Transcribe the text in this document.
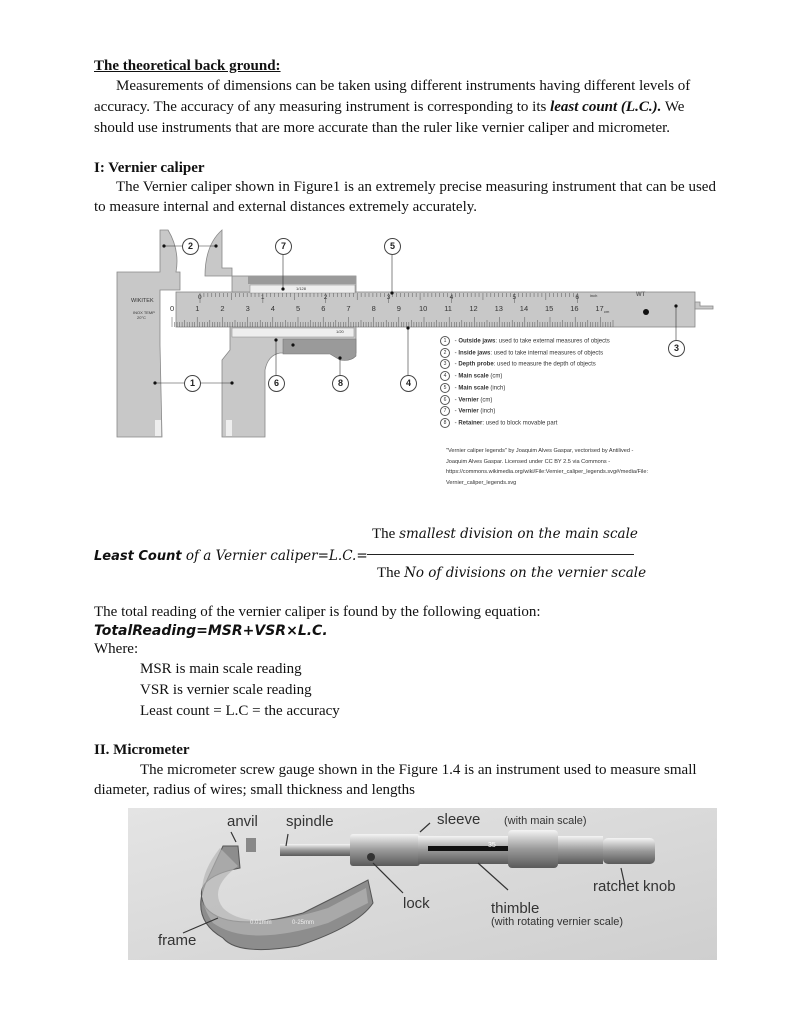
The theoretical back ground:
Measurements of dimensions can be taken using different instruments having different levels of
accuracy. The accuracy of any measuring instrument is corresponding to its least count (L.C.). We
should use instruments that are more accurate than the ruler like vernier caliper and micrometer.
I: Vernier caliper
The Vernier caliper shown in Figure1 is an extremely precise measuring instrument that can be used
to measure internal and external distances extremely accurately.
0	1	2	3	4	5	6
0	1	2	3	4	5	6	7	8	9 10 11 12 13 14 15 16 17
WIKITEK
INOX TEMP
20°C
WT
inch
cm
1/128
1/20
2	7	5
1	6	8	4
3
1 - Outside jaws: used to take external measures of objects
2 - Inside jaws: used to take internal measures of objects
3 - Depth probe: used to measure the depth of objects
4 - Main scale (cm)
5 - Main scale (inch)
6 - Vernier (cm)
7 - Vernier (inch)
8 - Retainer: used to block movable part
"Vernier caliper legends" by Joaquim Alves Gaspar, vectorised by Antilived -
Joaquim Alves Gaspar. Licensed under CC BY 2.5 via Commons -
https://commons.wikimedia.org/wiki/File:Vernier_caliper_legends.svg#/media/File:
Vernier_caliper_legends.svg
The smallest division on the main scale
Least Count of a Vernier caliper=L.C.=
The No of divisions on the vernier scale
The total reading of the vernier caliper is found by the following equation:
TotalReading=MSR+VSR×L.C.
Where:
MSR is main scale reading
VSR is vernier scale reading
Least count = L.C = the accuracy
II. Micrometer
The micrometer screw gauge shown in the Figure 1.4 is an instrument used to measure small
diameter, radius of wires; small thickness and lengths
anvil spindle	sleeve (with main scale)
ratchet knob
lock	thimble
(with rotating vernier scale)
frame
0.01mm	0-25mm
35
